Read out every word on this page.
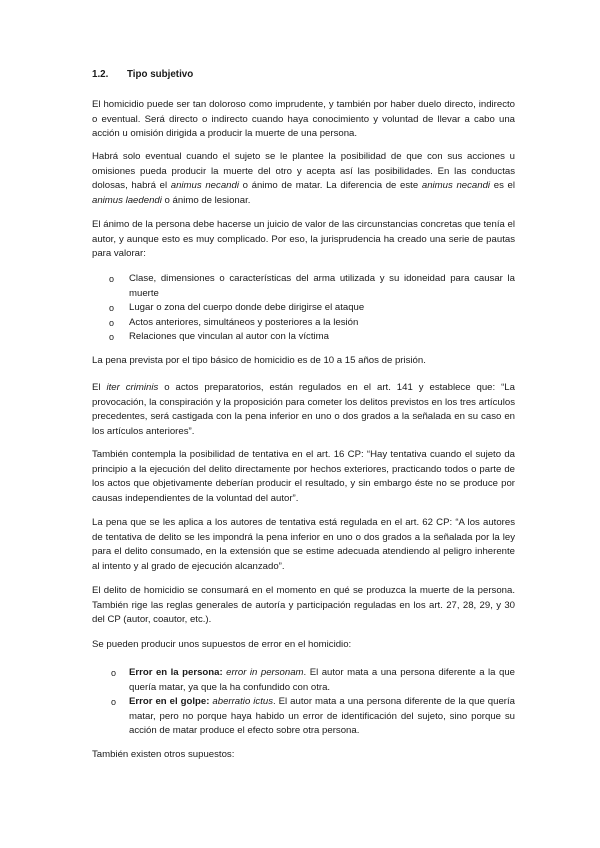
1.2. Tipo subjetivo

El homicidio puede ser tan doloroso como imprudente, y también por haber duelo directo, indirecto o eventual. Será directo o indirecto cuando haya conocimiento y voluntad de llevar a cabo una acción u omisión dirigida a producir la muerte de una persona.

Habrá solo eventual cuando el sujeto se le plantee la posibilidad de que con sus acciones u omisiones pueda producir la muerte del otro y acepta así las posibilidades. En las conductas dolosas, habrá el animus necandi o ánimo de matar. La diferencia de este animus necandi es el animus laedendi o ánimo de lesionar.

El ánimo de la persona debe hacerse un juicio de valor de las circunstancias concretas que tenía el autor, y aunque esto es muy complicado. Por eso, la jurisprudencia ha creado una serie de pautas para valorar:

o Clase, dimensiones o características del arma utilizada y su idoneidad para causar la muerte
o Lugar o zona del cuerpo donde debe dirigirse el ataque
o Actos anteriores, simultáneos y posteriores a la lesión
o Relaciones que vinculan al autor con la víctima

La pena prevista por el tipo básico de homicidio es de 10 a 15 años de prisión.

El iter criminis o actos preparatorios, están regulados en el art. 141 y establece que: “La provocación, la conspiración y la proposición para cometer los delitos previstos en los tres artículos precedentes, será castigada con la pena inferior en uno o dos grados a la señalada en su caso en los artículos anteriores”.

También contempla la posibilidad de tentativa en el art. 16 CP: “Hay tentativa cuando el sujeto da principio a la ejecución del delito directamente por hechos exteriores, practicando todos o parte de los actos que objetivamente deberían producir el resultado, y sin embargo éste no se produce por causas independientes de la voluntad del autor”.

La pena que se les aplica a los autores de tentativa está regulada en el art. 62 CP: “A los autores de tentativa de delito se les impondrá la pena inferior en uno o dos grados a la señalada por la ley para el delito consumado, en la extensión que se estime adecuada atendiendo al peligro inherente al intento y al grado de ejecución alcanzado”.

El delito de homicidio se consumará en el momento en qué se produzca la muerte de la persona. También rige las reglas generales de autoría y participación reguladas en los art. 27, 28, 29, y 30 del CP (autor, coautor, etc.).

Se pueden producir unos supuestos de error en el homicidio:

o Error en la persona: error in personam. El autor mata a una persona diferente a la que quería matar, ya que la ha confundido con otra.
o Error en el golpe: aberratio ictus. El autor mata a una persona diferente de la que quería matar, pero no porque haya habido un error de identificación del sujeto, sino porque su acción de matar produce el efecto sobre otra persona.

También existen otros supuestos:
